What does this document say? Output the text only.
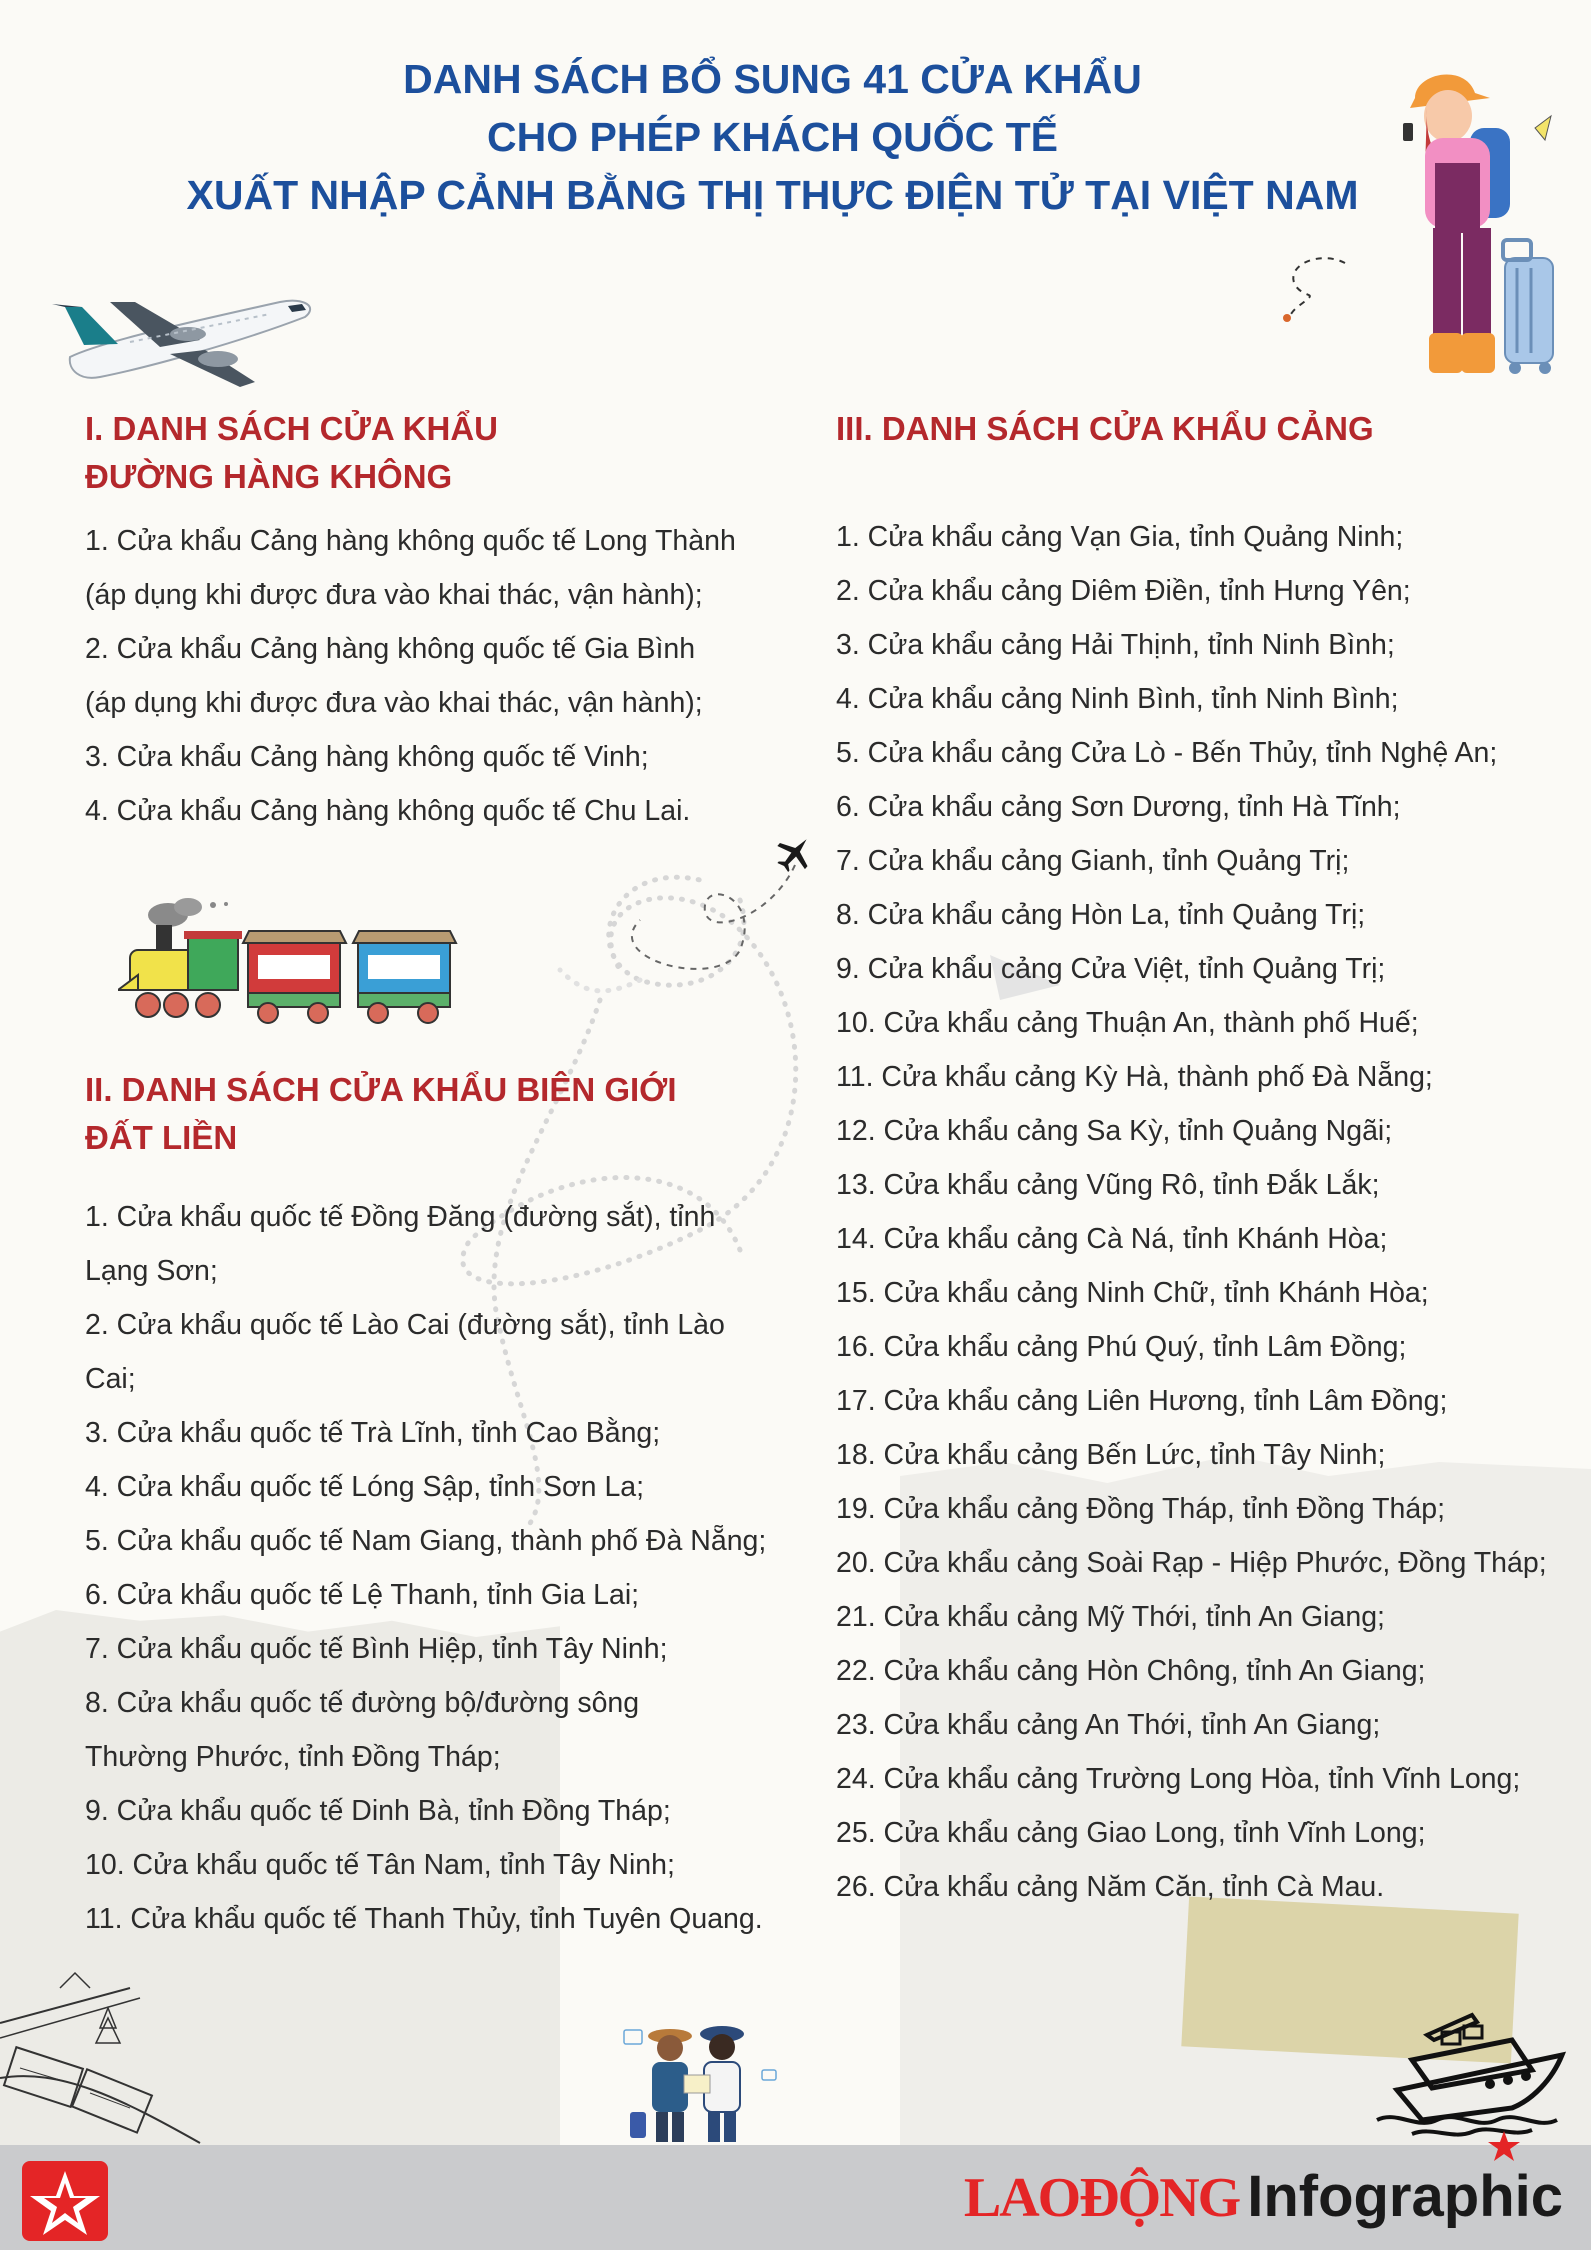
DANH SÁCH BỔ SUNG 41 CỬA KHẨU
CHO PHÉP KHÁCH QUỐC TẾ
XUẤT NHẬP CẢNH BẰNG THỊ THỰC ĐIỆN TỬ TẠI VIỆT NAM
I. DANH SÁCH CỬA KHẨU
ĐƯỜNG HÀNG KHÔNG
1. Cửa khẩu Cảng hàng không quốc tế Long Thành
(áp dụng khi được đưa vào khai thác, vận hành);
2. Cửa khẩu Cảng hàng không quốc tế Gia Bình
(áp dụng khi được đưa vào khai thác, vận hành);
3. Cửa khẩu Cảng hàng không quốc tế Vinh;
4. Cửa khẩu Cảng hàng không quốc tế Chu Lai.
II. DANH SÁCH CỬA KHẨU BIÊN GIỚI
ĐẤT LIỀN
1. Cửa khẩu quốc tế Đồng Đăng (đường sắt), tỉnh
Lạng Sơn;
2. Cửa khẩu quốc tế Lào Cai (đường sắt), tỉnh Lào
Cai;
3. Cửa khẩu quốc tế Trà Lĩnh, tỉnh Cao Bằng;
4. Cửa khẩu quốc tế Lóng Sập, tỉnh Sơn La;
5. Cửa khẩu quốc tế Nam Giang, thành phố Đà Nẵng;
6. Cửa khẩu quốc tế Lệ Thanh, tỉnh Gia Lai;
7. Cửa khẩu quốc tế Bình Hiệp, tỉnh Tây Ninh;
8. Cửa khẩu quốc tế đường bộ/đường sông
Thường Phước, tỉnh Đồng Tháp;
9. Cửa khẩu quốc tế Dinh Bà, tỉnh Đồng Tháp;
10. Cửa khẩu quốc tế Tân Nam, tỉnh Tây Ninh;
11. Cửa khẩu quốc tế Thanh Thủy, tỉnh Tuyên Quang.
III. DANH SÁCH CỬA KHẨU CẢNG
1. Cửa khẩu cảng Vạn Gia, tỉnh Quảng Ninh;
2. Cửa khẩu cảng Diêm Điền, tỉnh Hưng Yên;
3. Cửa khẩu cảng Hải Thịnh, tỉnh Ninh Bình;
4. Cửa khẩu cảng Ninh Bình, tỉnh Ninh Bình;
5. Cửa khẩu cảng Cửa Lò - Bến Thủy, tỉnh Nghệ An;
6. Cửa khẩu cảng Sơn Dương, tỉnh Hà Tĩnh;
7. Cửa khẩu cảng Gianh, tỉnh Quảng Trị;
8. Cửa khẩu cảng Hòn La, tỉnh Quảng Trị;
9. Cửa khẩu cảng Cửa Việt, tỉnh Quảng Trị;
10. Cửa khẩu cảng Thuận An, thành phố Huế;
11. Cửa khẩu cảng Kỳ Hà, thành phố Đà Nẵng;
12. Cửa khẩu cảng Sa Kỳ, tỉnh Quảng Ngãi;
13. Cửa khẩu cảng Vũng Rô, tỉnh Đắk Lắk;
14. Cửa khẩu cảng Cà Ná, tỉnh Khánh Hòa;
15. Cửa khẩu cảng Ninh Chữ, tỉnh Khánh Hòa;
16. Cửa khẩu cảng Phú Quý, tỉnh Lâm Đồng;
17. Cửa khẩu cảng Liên Hương, tỉnh Lâm Đồng;
18. Cửa khẩu cảng Bến Lức, tỉnh Tây Ninh;
19. Cửa khẩu cảng Đồng Tháp, tỉnh Đồng Tháp;
20. Cửa khẩu cảng Soài Rạp - Hiệp Phước, Đồng Tháp;
21. Cửa khẩu cảng Mỹ Thới, tỉnh An Giang;
22. Cửa khẩu cảng Hòn Chông, tỉnh An Giang;
23. Cửa khẩu cảng An Thới, tỉnh An Giang;
24. Cửa khẩu cảng Trường Long Hòa, tỉnh Vĩnh Long;
25. Cửa khẩu cảng Giao Long, tỉnh Vĩnh Long;
26. Cửa khẩu cảng Năm Căn, tỉnh Cà Mau.
LAOĐỘNG Infographic
